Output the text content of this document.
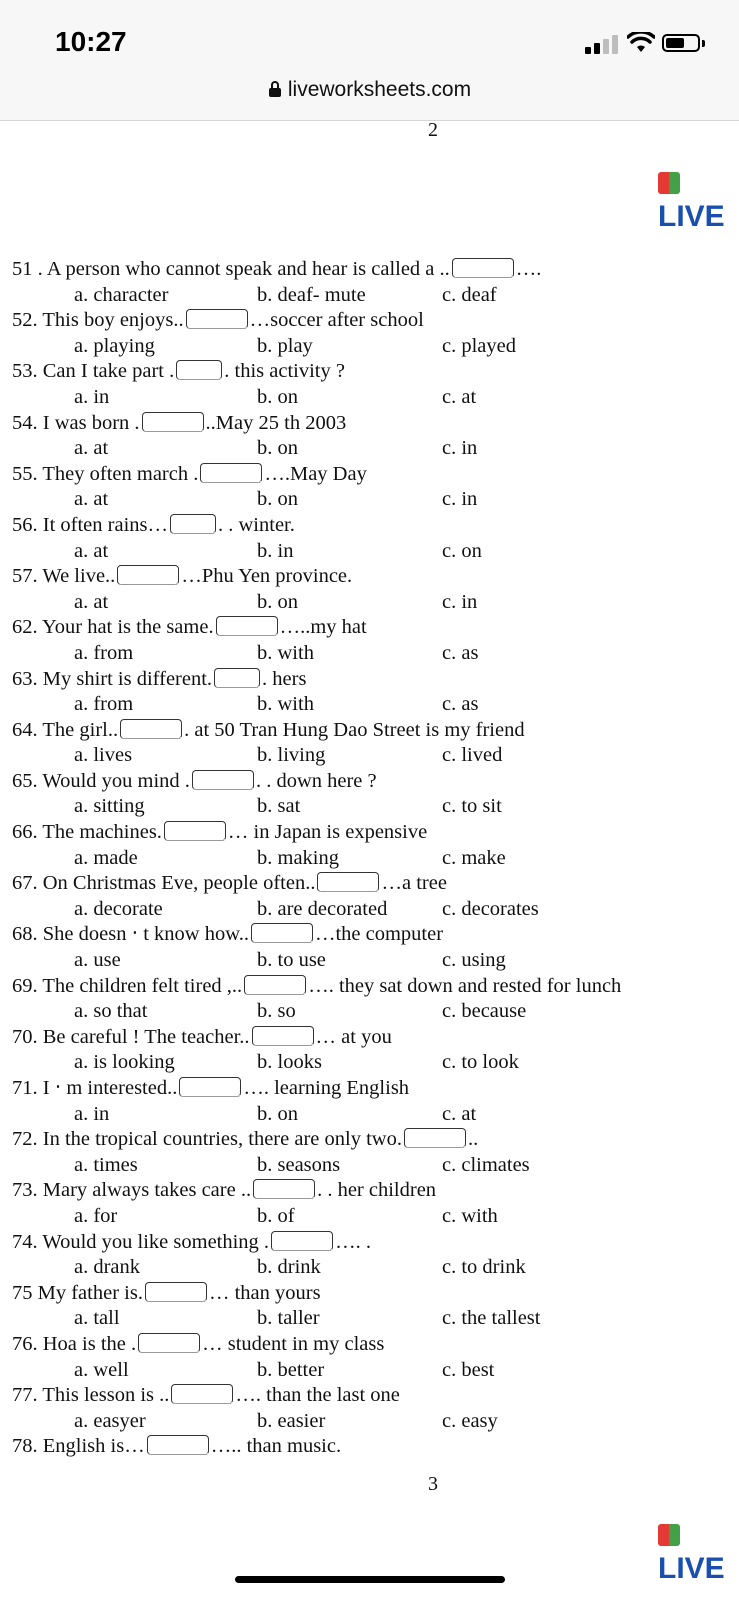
10:27
liveworksheets.com
2
LIVE
51 . A person who cannot speak and hear is called a ..	….
a. character	b. deaf- mute	c. deaf
52. This boy enjoys..	…soccer after school
a. playing	b. play	c. played
53. Can I take part . . this activity ?
a. in	b. on	c. at
54. I was born .	..May 25 th 2003
a. at	b. on	c. in
55. They often march .	….May Day
a. at	b. on	c. in
56. It often rains… . . winter.
a. at	b. in	c. on
57. We live..	…Phu Yen province.
a. at	b. on	c. in
62. Your hat is the same.	…..my hat
a. from	b. with	c. as
63. My shirt is different. . hers
a. from	b. with	c. as
64. The girl..	. at 50 Tran Hung Dao Street is my friend
a. lives	b. living	c. lived
65. Would you mind .	. . down here ?
a. sitting	b. sat	c. to sit
66. The machines.	… in Japan is expensive
a. made	b. making	c. make
67. On Christmas Eve, people often..	…a tree
a. decorate	b. are decorated	c. decorates
68. She doesn ‧ t know how..	…the computer
a. use	b. to use	c. using
69. The children felt tired ,..	…. they sat down and rested for lunch
a. so that	b. so	c. because
70. Be careful ! The teacher..	… at you
a. is looking	b. looks	c. to look
71. I ‧ m interested..	…. learning English
a. in	b. on	c. at
72. In the tropical countries, there are only two.	..
a. times	b. seasons	c. climates
73. Mary always takes care ..	. . her children
a. for	b. of	c. with
74. Would you like something .	…. .
a. drank	b. drink	c. to drink
75 My father is.	… than yours
a. tall	b. taller	c. the tallest
76. Hoa is the .	… student in my class
a. well	b. better	c. best
77. This lesson is ..	…. than the last one
a. easyer	b. easier	c. easy
78. English is…	….. than music.
3
LIVE
